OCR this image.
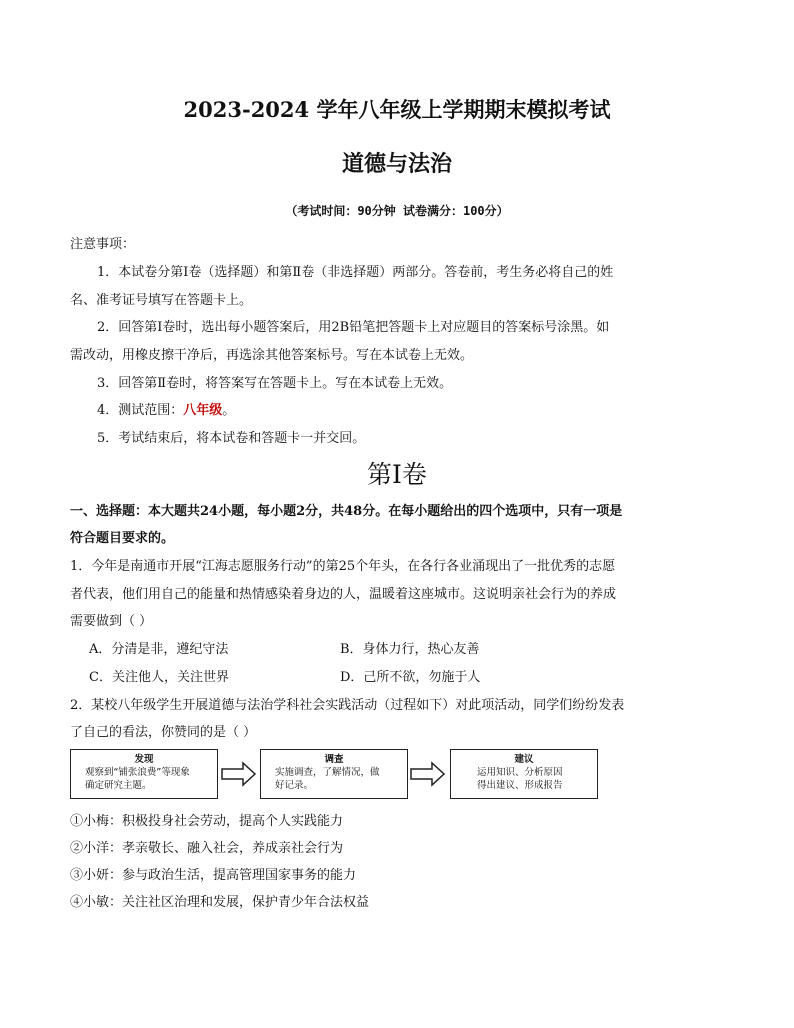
2023-2024 学年八年级上学期期末模拟考试
道德与法治
（考试时间：90分钟 试卷满分：100分）
注意事项：
1．本试卷分第Ⅰ卷（选择题）和第Ⅱ卷（非选择题）两部分。答卷前，考生务必将自己的姓
名、准考证号填写在答题卡上。
2．回答第Ⅰ卷时，选出每小题答案后，用2B铅笔把答题卡上对应题目的答案标号涂黑。如
需改动，用橡皮擦干净后，再选涂其他答案标号。写在本试卷上无效。
3．回答第Ⅱ卷时，将答案写在答题卡上。写在本试卷上无效。
4．测试范围：八年级。
5．考试结束后，将本试卷和答题卡一并交回。
第Ⅰ卷
一、选择题：本大题共24小题，每小题2分，共48分。在每小题给出的四个选项中，只有一项是
符合题目要求的。
1．今年是南通市开展“江海志愿服务行动”的第25个年头，在各行各业涌现出了一批优秀的志愿
者代表，他们用自己的能量和热情感染着身边的人，温暖着这座城市。这说明亲社会行为的养成
需要做到（ ）
A．分清是非，遵纪守法	B．身体力行，热心友善
C．关注他人，关注世界	D．己所不欲，勿施于人
2．某校八年级学生开展道德与法治学科社会实践活动（过程如下）对此项活动，同学们纷纷发表
了自己的看法，你赞同的是（ ）
发现
观察到“铺张浪费”等现象
确定研究主题。
调查
实施调查，了解情况，做
好记录。
建议
运用知识、分析原因
得出建议、形成报告
①小梅：积极投身社会劳动，提高个人实践能力
②小洋：孝亲敬长、融入社会，养成亲社会行为
③小妍：参与政治生活，提高管理国家事务的能力
④小敏：关注社区治理和发展，保护青少年合法权益
